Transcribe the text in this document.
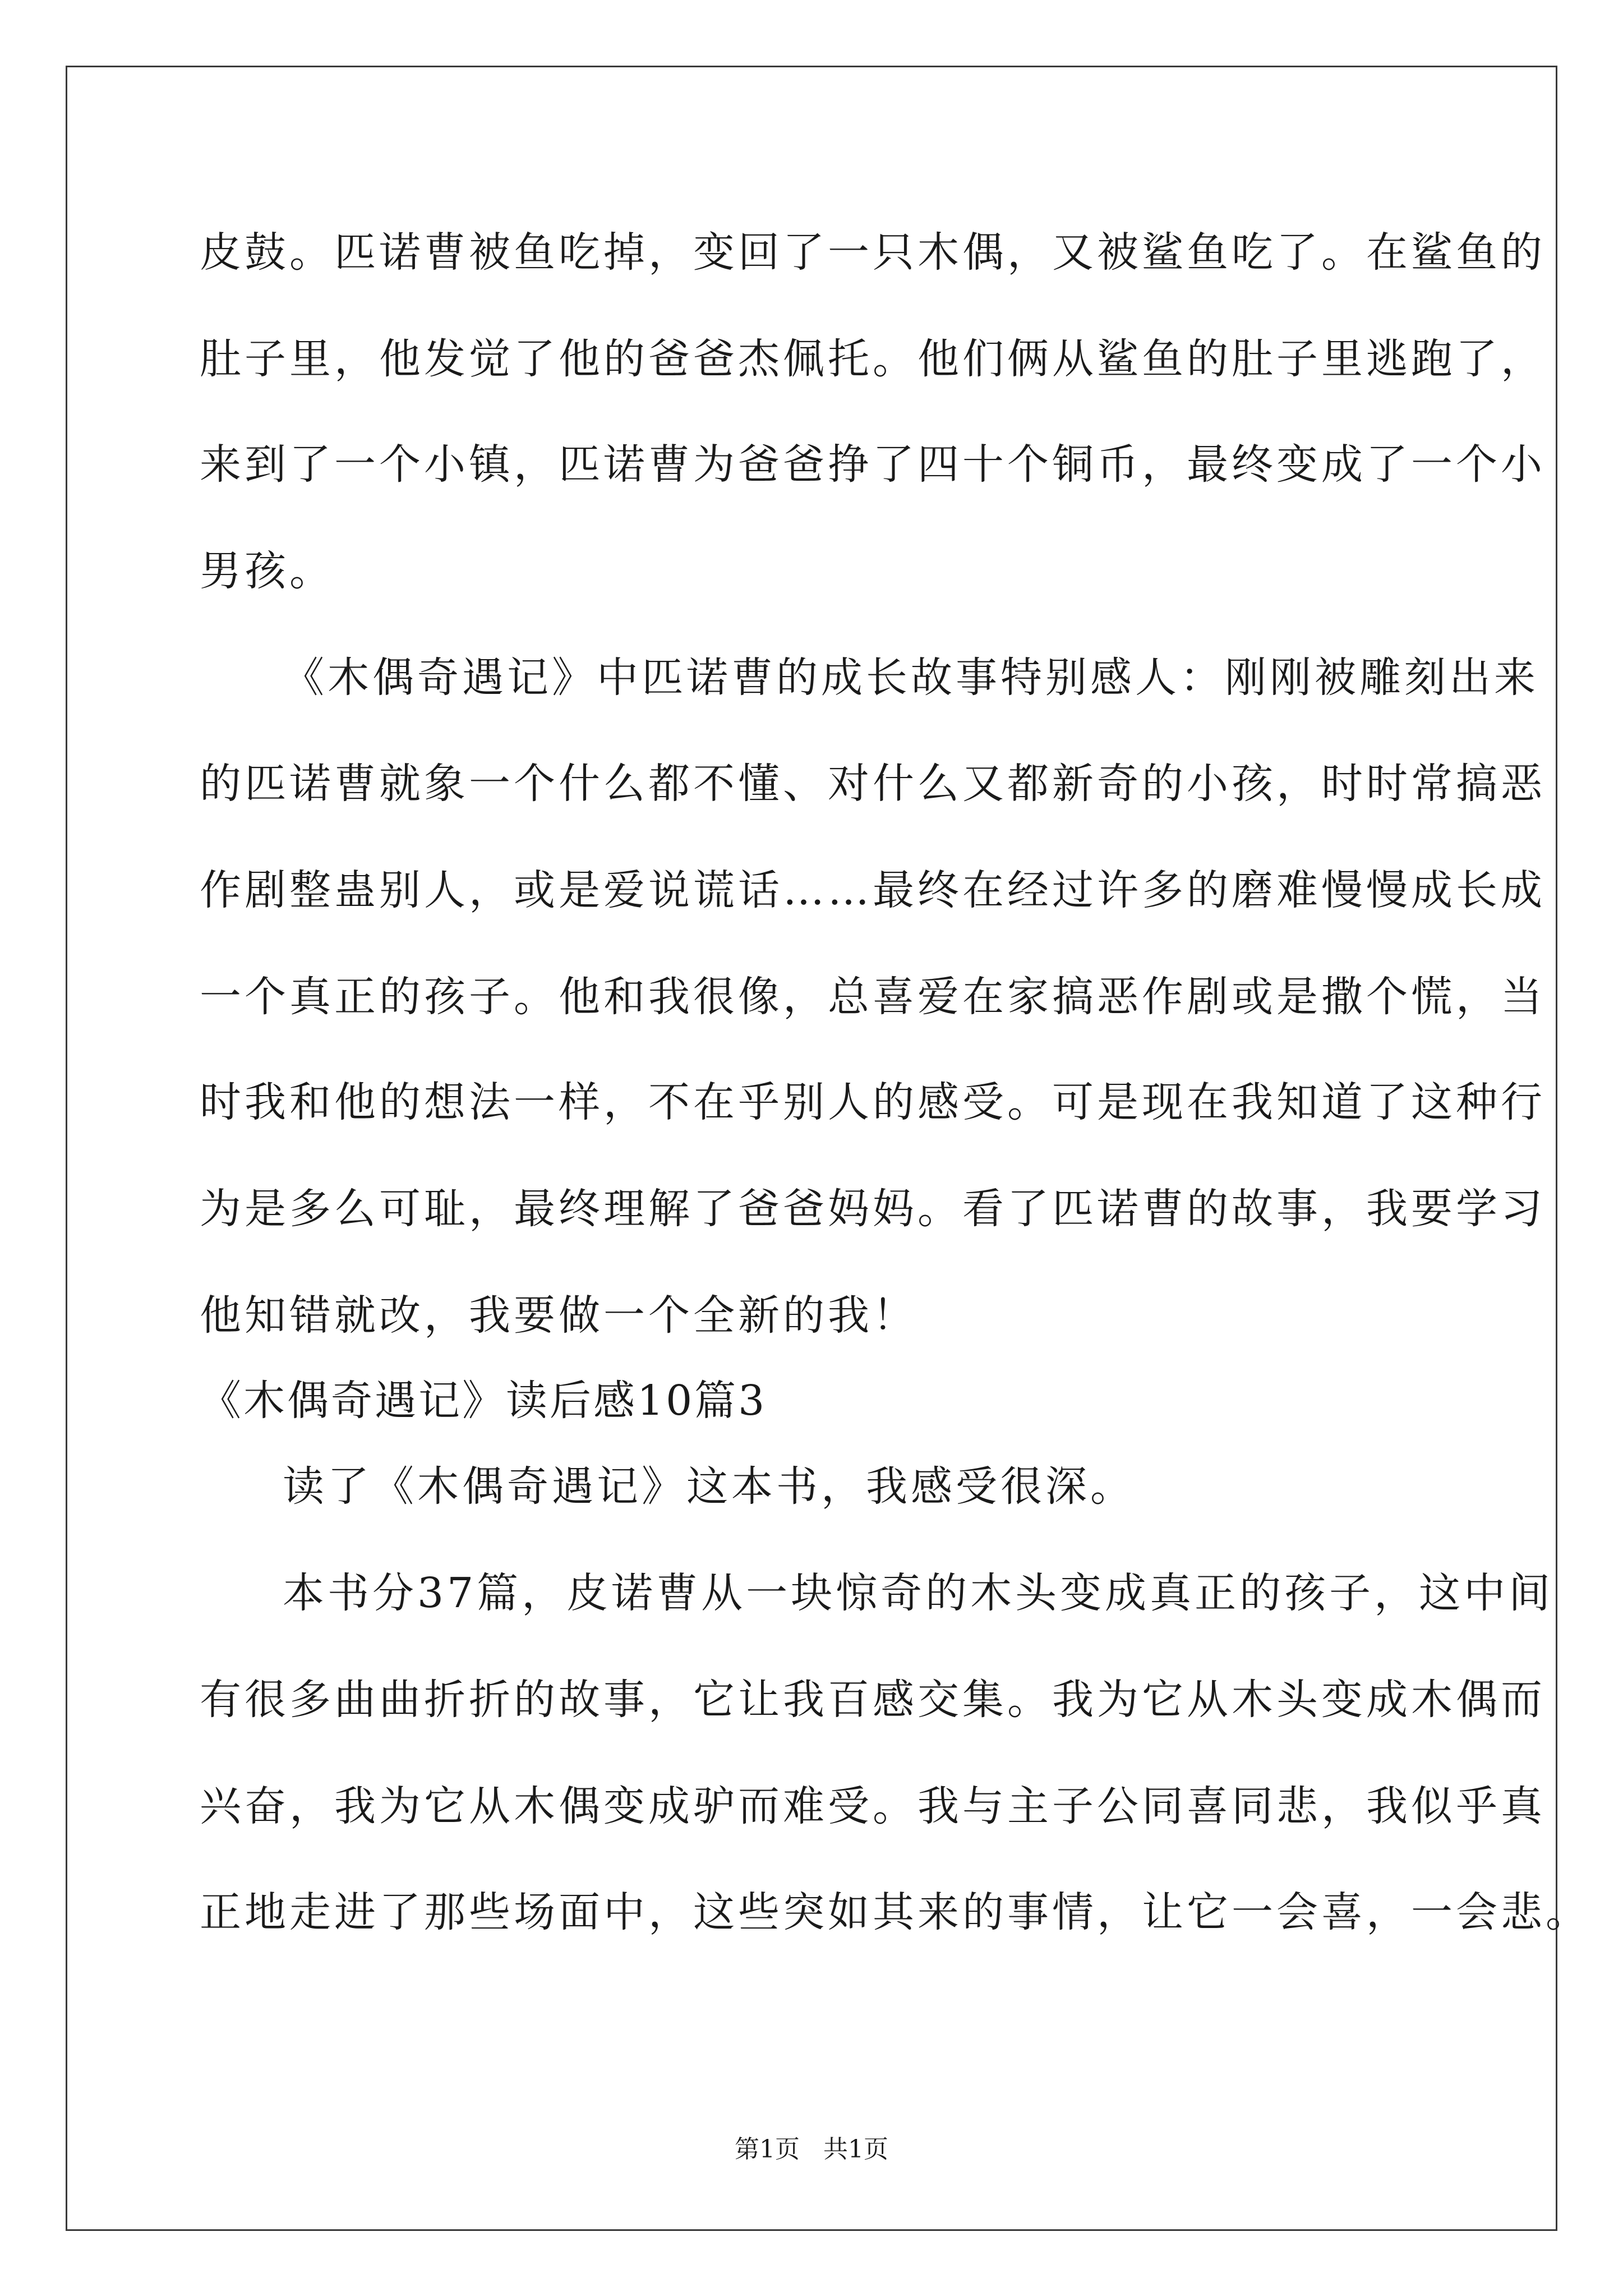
皮鼓。匹诺曹被鱼吃掉，变回了一只木偶，又被鲨鱼吃了。在鲨鱼的
肚子里，他发觉了他的爸爸杰佩托。他们俩从鲨鱼的肚子里逃跑了，
来到了一个小镇，匹诺曹为爸爸挣了四十个铜币，最终变成了一个小
男孩。
《木偶奇遇记》中匹诺曹的成长故事特别感人：刚刚被雕刻出来
的匹诺曹就象一个什么都不懂、对什么又都新奇的小孩，时时常搞恶
作剧整蛊别人，或是爱说谎话……最终在经过许多的磨难慢慢成长成
一个真正的孩子。他和我很像，总喜爱在家搞恶作剧或是撒个慌，当
时我和他的想法一样，不在乎别人的感受。可是现在我知道了这种行
为是多么可耻，最终理解了爸爸妈妈。看了匹诺曹的故事，我要学习
他知错就改，我要做一个全新的我！
《木偶奇遇记》读后感10篇3
读了《木偶奇遇记》这本书，我感受很深。
本书分37篇，皮诺曹从一块惊奇的木头变成真正的孩子，这中间
有很多曲曲折折的故事，它让我百感交集。我为它从木头变成木偶而
兴奋，我为它从木偶变成驴而难受。我与主子公同喜同悲，我似乎真
正地走进了那些场面中，这些突如其来的事情，让它一会喜，一会悲。
第1页   共1页
